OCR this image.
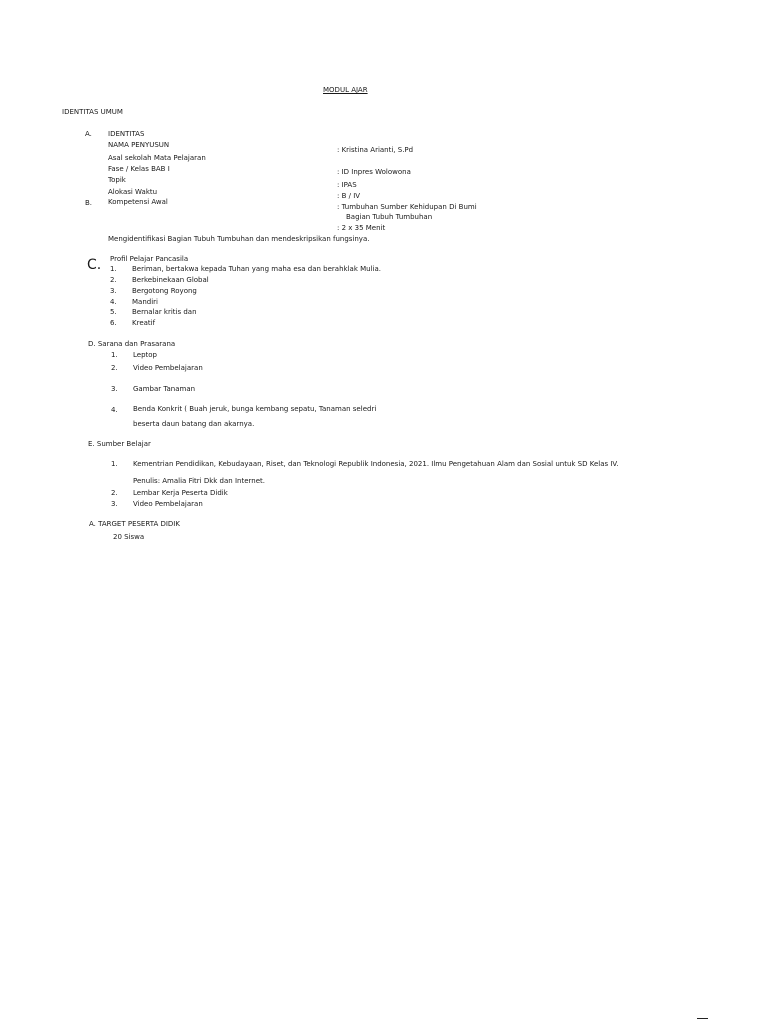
MODUL AJAR
IDENTITAS UMUM
A. IDENTITAS
NAMA PENYUSUN
Asal sekolah Mata Pelajaran
Fase / Kelas BAB I
Topik
Alokasi Waktu
Kompetensi Awal
: Kristina Arianti, S.Pd
: ID Inpres Wolowona
: IPAS
: B / IV
: Tumbuhan Sumber Kehidupan Di Bumi
Bagian Tubuh Tumbuhan
: 2 x 35 Menit
B.
Mengidentifikasi Bagian Tubuh Tumbuhan dan mendeskripsikan fungsinya.
C. Profil Pelajar Pancasila
1. Beriman, bertakwa kepada Tuhan yang maha esa dan berahklak Mulia.
2. Berkebinekaan Global
3. Bergotong Royong
4. Mandiri
5. Bernalar kritis dan
6. Kreatif
D. Sarana dan Prasarana
1. Leptop
2. Video Pembelajaran
3. Gambar Tanaman
4. Benda Konkrit ( Buah jeruk, bunga kembang sepatu, Tanaman seledri
beserta daun batang dan akarnya.
E. Sumber Belajar
1. Kementrian Pendidikan, Kebudayaan, Riset, dan Teknologi Republik Indonesia, 2021. Ilmu Pengetahuan Alam dan Sosial untuk SD Kelas IV.
Penulis: Amalia Fitri Dkk dan Internet.
2. Lembar Kerja Peserta Didik
3. Video Pembelajaran
A. TARGET PESERTA DIDIK
20 Siswa
